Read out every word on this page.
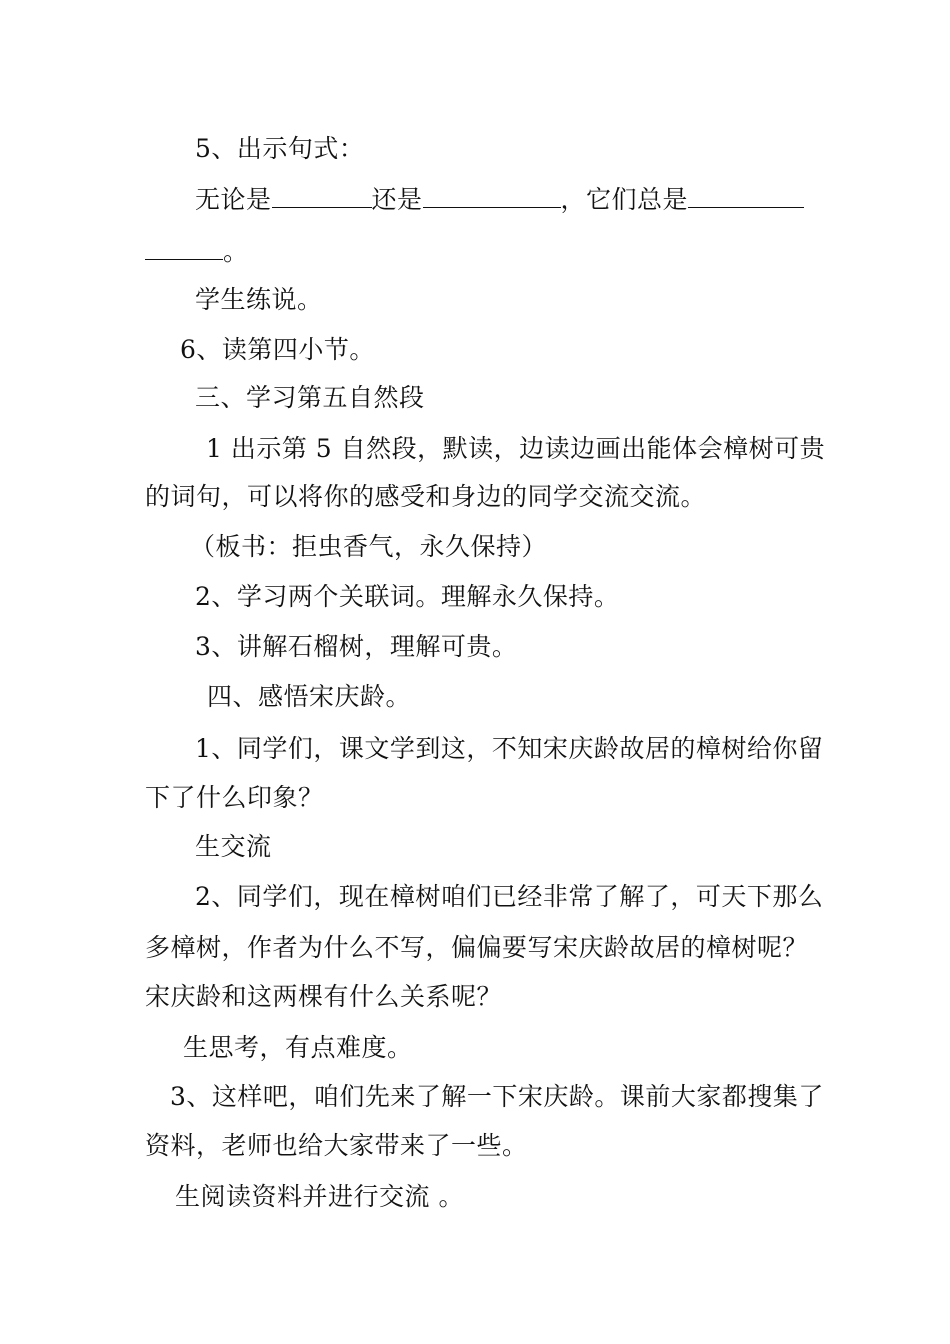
5、出示句式：
无论是	还是	，它们总是
。
学生练说。
6、读第四小节。
三、学习第五自然段
1 出示第 5 自然段，默读，边读边画出能体会樟树可贵
的词句，可以将你的感受和身边的同学交流交流。
（板书：拒虫香气，永久保持）
2、学习两个关联词。理解永久保持。
3、讲解石榴树，理解可贵。
四、感悟宋庆龄。
1、同学们，课文学到这，不知宋庆龄故居的樟树给你留
下了什么印象？
生交流
2、同学们，现在樟树咱们已经非常了解了，可天下那么
多樟树，作者为什么不写，偏偏要写宋庆龄故居的樟树呢？
宋庆龄和这两棵有什么关系呢？
生思考，有点难度。
3、这样吧，咱们先来了解一下宋庆龄。课前大家都搜集了
资料，老师也给大家带来了一些。
生阅读资料并进行交流 。
